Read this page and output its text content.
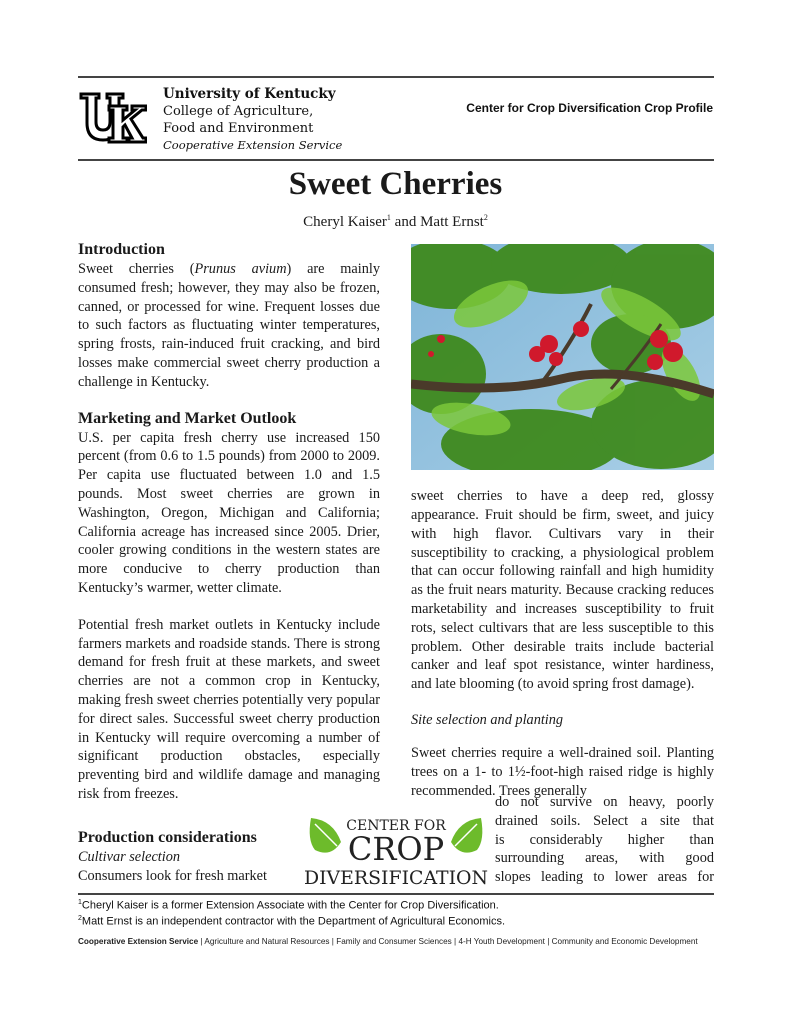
University of Kentucky
College of Agriculture,
Food and Environment
Cooperative Extension Service
Center for Crop Diversification Crop Profile
Sweet Cherries
Cheryl Kaiser$^1$ and Matt Ernst$^2$
Introduction

Sweet cherries (Prunus avium) are mainly consumed fresh; however, they may also be frozen, canned, or processed for wine. Frequent losses due to such factors as fluctuating winter temperatures, spring frosts, rain-induced fruit cracking, and bird losses make commercial sweet cherry production a challenge in Kentucky.

Marketing and Market Outlook

U.S. per capita fresh cherry use increased 150 percent (from 0.6 to 1.5 pounds) from 2000 to 2009. Per capita use fluctuated between 1.0 and 1.5 pounds. Most sweet cherries are grown in Washington, Oregon, Michigan and California; California acreage has increased since 2005. Drier, cooler growing conditions in the western states are more conducive to cherry production than Kentucky’s warmer, wetter climate.

Potential fresh market outlets in Kentucky include farmers markets and roadside stands. There is strong demand for fresh fruit at these markets, and sweet cherries are not a common crop in Kentucky, making fresh sweet cherries potentially very popular for direct sales. Successful sweet cherry production in Kentucky will require overcoming a number of significant production obstacles, especially preventing bird and wildlife damage and managing risk from freezes.

Production considerations

Cultivar selection

Consumers look for fresh market

sweet cherries to have a deep red, glossy appearance. Fruit should be firm, sweet, and juicy with high flavor. Cultivars vary in their susceptibility to cracking, a physiological problem that can occur following rainfall and high humidity as the fruit nears maturity. Because cracking reduces marketability and increases susceptibility to fruit rots, select cultivars that are less susceptible to this problem. Other desirable traits include bacterial canker and leaf spot resistance, winter hardiness, and late blooming (to avoid spring frost damage).

Site selection and planting

Sweet cherries require a well-drained soil. Planting trees on a 1- to 1½-foot-high raised ridge is highly recommended. Trees generally

do not survive on heavy, poorly

drained soils. Select a site that

is considerably higher than

surrounding areas, with good

slopes leading to lower areas for

CENTER FOR
CROP
DIVERSIFICATION
$^1$Cheryl Kaiser is a former Extension Associate with the Center for Crop Diversification.
$^2$Matt Ernst is an independent contractor with the Department of Agricultural Economics.
Cooperative Extension Service | Agriculture and Natural Resources | Family and Consumer Sciences | 4-H Youth Development | Community and Economic Development
